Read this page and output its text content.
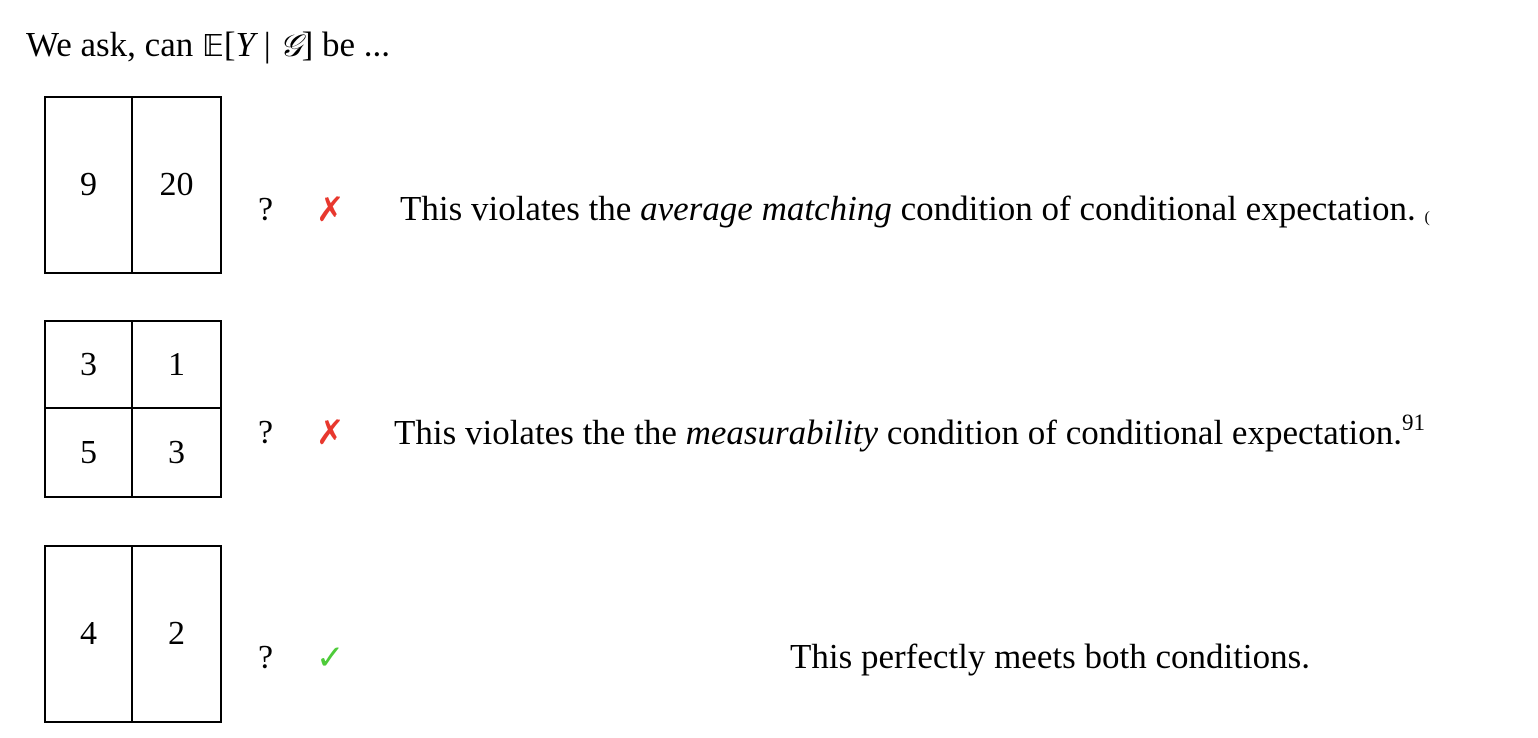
We ask, can 𝔼[Y | 𝒢] be ...
9	20
? ✗ This violates the average matching condition of conditional expectation. (
3	1
5	3
? ✗ This violates the the measurability condition of conditional expectation.$^{91}$
4	2
? ✓	This perfectly meets both conditions.
